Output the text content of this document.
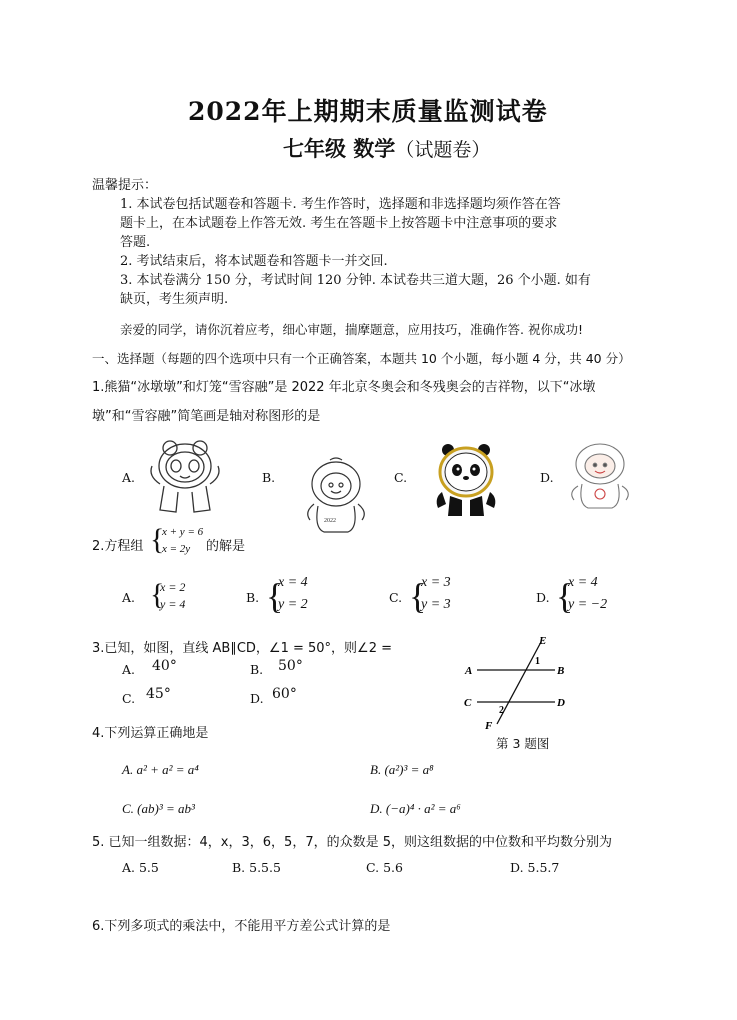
2022年上期期末质量监测试卷
七年级 数学（试题卷）
温馨提示：
1. 本试卷包括试题卷和答题卡. 考生作答时，选择题和非选择题均须作答在答
题卡上，在本试题卷上作答无效. 考生在答题卡上按答题卡中注意事项的要求
答题.
2. 考试结束后，将本试题卷和答题卡一并交回.
3. 本试卷满分 150 分，考试时间 120 分钟. 本试卷共三道大题，26 个小题. 如有
缺页，考生须声明.
亲爱的同学，请你沉着应考，细心审题，揣摩题意，应用技巧，准确作答. 祝你成功!
一、选择题（每题的四个选项中只有一个正确答案，本题共 10 个小题，每小题 4 分，共 40 分）
1.熊猫“冰墩墩”和灯笼“雪容融”是 2022 年北京冬奥会和冬残奥会的吉祥物，以下“冰墩
墩”和“雪容融”简笔画是轴对称图形的是
A.	B.	C.	D.
2022
2.方程组 {
x + y = 6
x = 2y 的解是
A. {
x = 2
y = 4	B. {
x = 4
y = 2	C. {
x = 3
y = 3	D. {
x = 4
y = −2
3.已知，如图，直线 AB∥CD，∠1 = 50°，则∠2 =
A. 40°	B. 50°
C. 45°	D. 60°
E
A	B
C	D
F
1
2
第 3 题图
4.下列运算正确地是
A. a² + a² = a⁴	B. (a²)³ = a⁸
C. (ab)³ = ab³	D. (−a)⁴ · a² = a⁶
5. 已知一组数据：4，x，3，6，5，7，的众数是 5，则这组数据的中位数和平均数分别为
A. 5.5	B. 5.5.5	C. 5.6	D. 5.5.7
6.下列多项式的乘法中，不能用平方差公式计算的是
